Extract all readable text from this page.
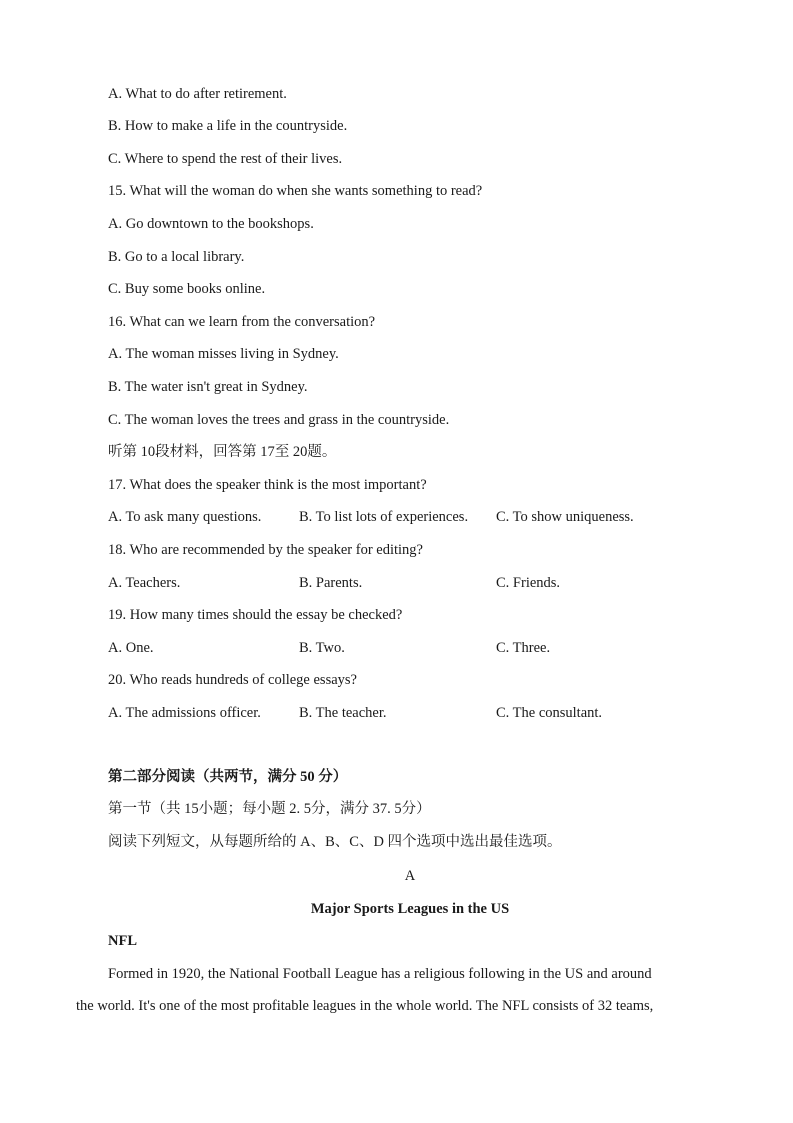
A. What to do after retirement.
B. How to make a life in the countryside.
C. Where to spend the rest of their lives.
15. What will the woman do when she wants something to read?
A. Go downtown to the bookshops.
B. Go to a local library.
C. Buy some books online.
16. What can we learn from the conversation?
A. The woman misses living in Sydney.
B. The water isn't great in Sydney.
C. The woman loves the trees and grass in the countryside.
听第 10段材料，回答第 17至 20题。
17. What does the speaker think is the most important?
A. To ask many questions.	B. To list lots of experiences. C. To show uniqueness.
18. Who are recommended by the speaker for editing?
A. Teachers.	B. Parents.	C. Friends.
19. How many times should the essay be checked?
A. One.	B. Two.	C. Three.
20. Who reads hundreds of college essays?
A. The admissions officer.	B. The teacher.	C. The consultant.
第二部分阅读（共两节，满分 50 分）
第一节（共 15小题；每小题 2. 5分，满分 37. 5分）
阅读下列短文，从每题所给的 A、B、C、D 四个选项中选出最佳选项。
A
Major Sports Leagues in the US
NFL
Formed in 1920, the National Football League has a religious following in the US and around
the world. It's one of the most profitable leagues in the whole world. The NFL consists of 32 teams,
